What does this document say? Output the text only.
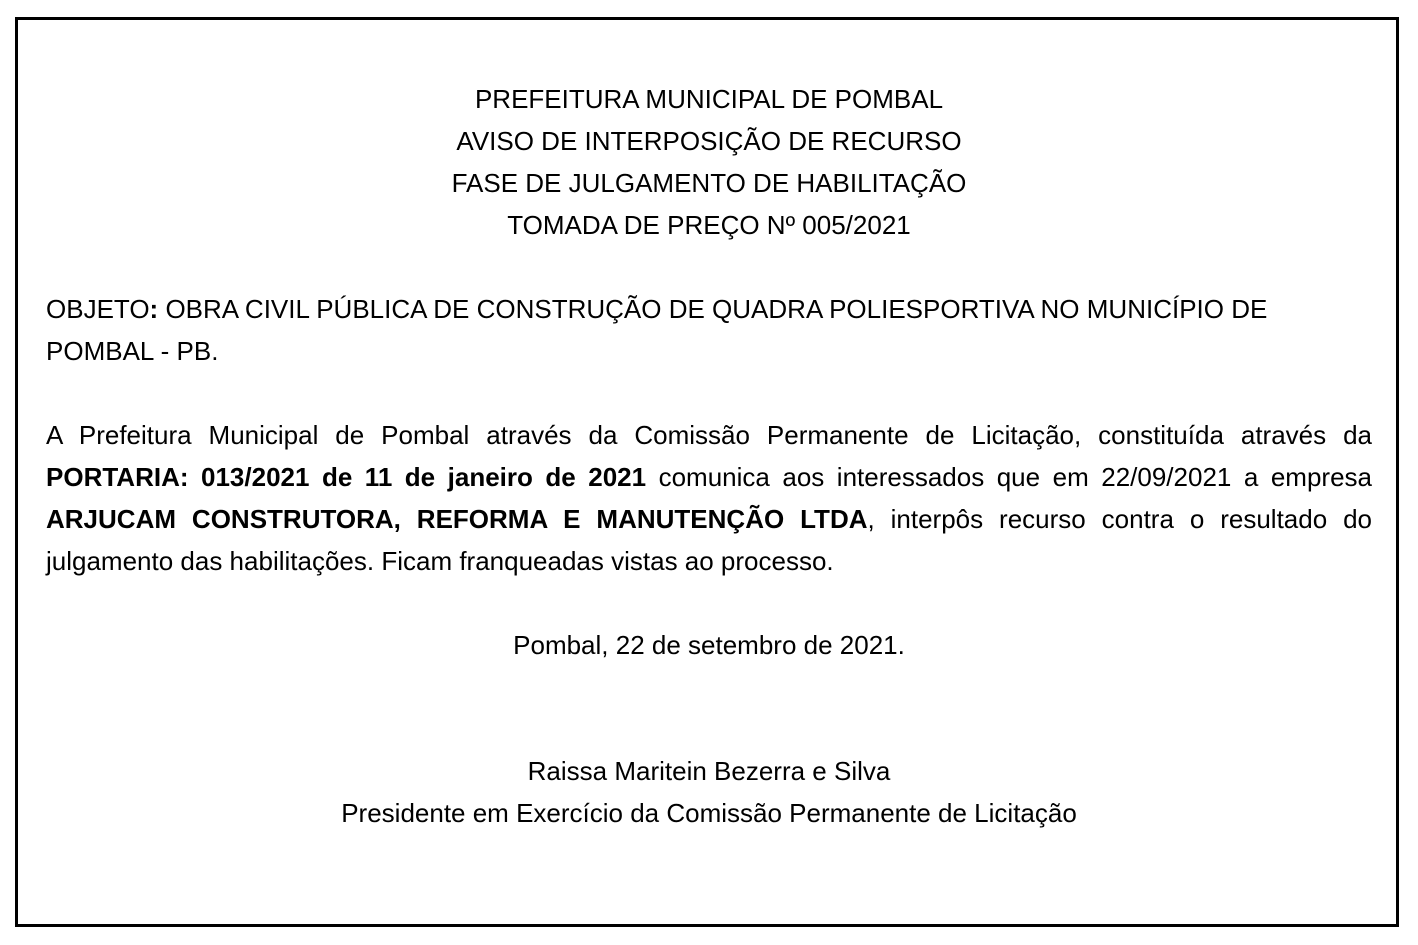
PREFEITURA MUNICIPAL DE POMBAL
AVISO DE INTERPOSIÇÃO DE RECURSO
FASE DE JULGAMENTO DE HABILITAÇÃO
TOMADA DE PREÇO Nº 005/2021
OBJETO: OBRA CIVIL PÚBLICA DE CONSTRUÇÃO DE QUADRA POLIESPORTIVA NO MUNICÍPIO DE POMBAL - PB.
A Prefeitura Municipal de Pombal através da Comissão Permanente de Licitação, constituída através da PORTARIA: 013/2021 de 11 de janeiro de 2021 comunica aos interessados que em 22/09/2021 a empresa ARJUCAM CONSTRUTORA, REFORMA E MANUTENÇÃO LTDA, interpôs recurso contra o resultado do julgamento das habilitações. Ficam franqueadas vistas ao processo.
Pombal, 22 de setembro de 2021.
Raissa Maritein Bezerra e Silva
Presidente em Exercício da Comissão Permanente de Licitação
